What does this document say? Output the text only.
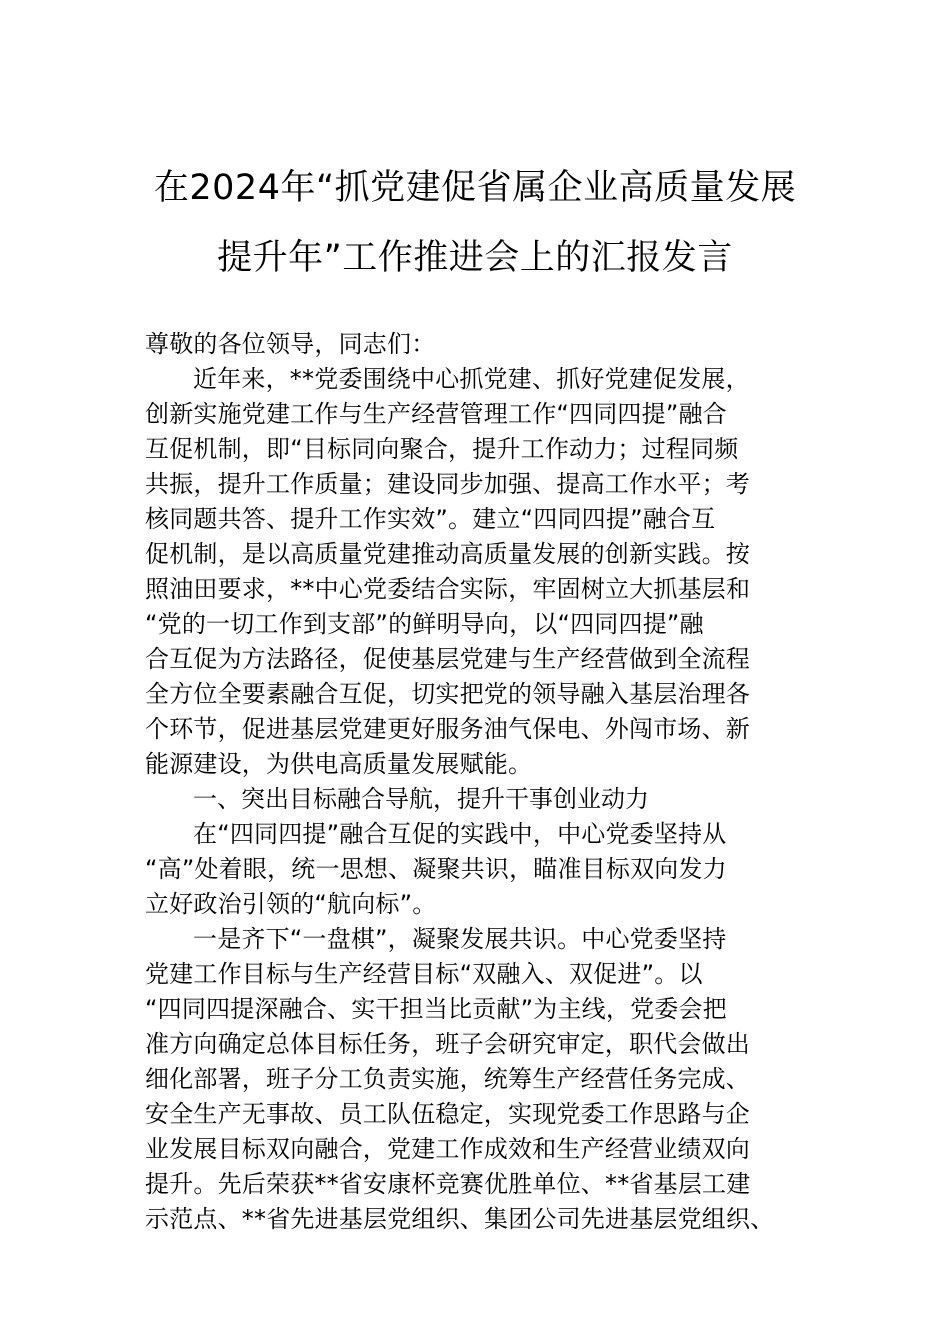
在2024年“抓党建促省属企业高质量发展
提升年”工作推进会上的汇报发言
尊敬的各位领导，同志们：
近年来，**党委围绕中心抓党建、抓好党建促发展，
创新实施党建工作与生产经营管理工作“四同四提”融合
互促机制，即“目标同向聚合，提升工作动力；过程同频
共振，提升工作质量；建设同步加强、提高工作水平；考
核同题共答、提升工作实效”。建立“四同四提”融合互
促机制，是以高质量党建推动高质量发展的创新实践。按
照油田要求，**中心党委结合实际，牢固树立大抓基层和
“党的一切工作到支部”的鲜明导向，以“四同四提”融
合互促为方法路径，促使基层党建与生产经营做到全流程
全方位全要素融合互促，切实把党的领导融入基层治理各
个环节，促进基层党建更好服务油气保电、外闯市场、新
能源建设，为供电高质量发展赋能。
一、突出目标融合导航，提升干事创业动力
在“四同四提”融合互促的实践中，中心党委坚持从
“高”处着眼，统一思想、凝聚共识，瞄准目标双向发力
立好政治引领的“航向标”。
一是齐下“一盘棋”，凝聚发展共识。中心党委坚持
党建工作目标与生产经营目标“双融入、双促进”。以
“四同四提深融合、实干担当比贡献”为主线，党委会把
准方向确定总体目标任务，班子会研究审定，职代会做出
细化部署，班子分工负责实施，统筹生产经营任务完成、
安全生产无事故、员工队伍稳定，实现党委工作思路与企
业发展目标双向融合，党建工作成效和生产经营业绩双向
提升。先后荣获**省安康杯竞赛优胜单位、**省基层工建
示范点、**省先进基层党组织、集团公司先进基层党组织、
